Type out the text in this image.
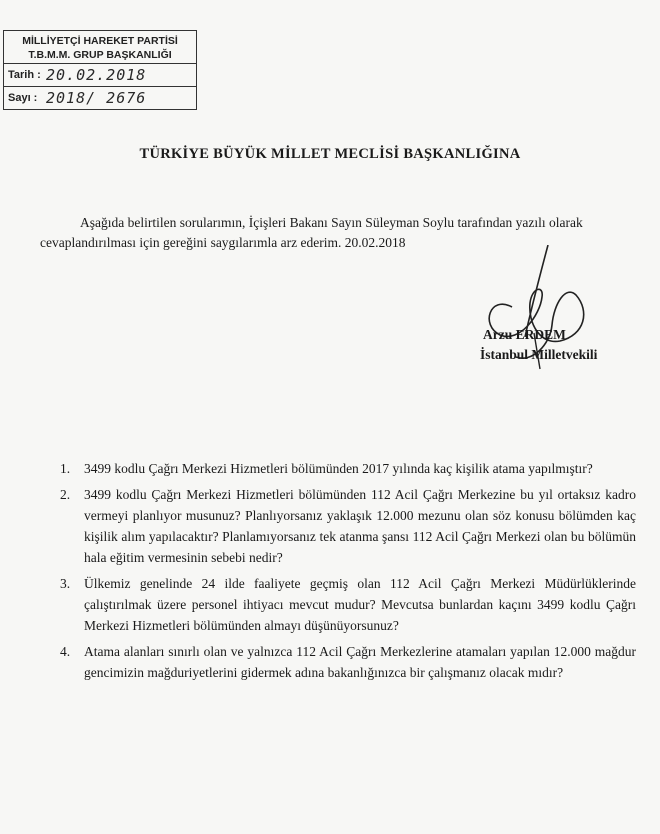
MİLLİYETÇİ HAREKET PARTİSİ
T.B.M.M. GRUP BAŞKANLIĞI
Tarih : 20.02.2018
Sayı : 2018/ 2676
TÜRKİYE BÜYÜK MİLLET MECLİSİ BAŞKANLIĞINA
Aşağıda belirtilen sorularımın, İçişleri Bakanı Sayın Süleyman Soylu tarafından yazılı olarak cevaplandırılması için gereğini saygılarımla arz ederim. 20.02.2018
Arzu ERDEM
İstanbul Milletvekili
1. 3499 kodlu Çağrı Merkezi Hizmetleri bölümünden 2017 yılında kaç kişilik atama yapılmıştır?
2. 3499 kodlu Çağrı Merkezi Hizmetleri bölümünden 112 Acil Çağrı Merkezine bu yıl ortaksız kadro vermeyi planlıyor musunuz? Planlıyorsanız yaklaşık 12.000 mezunu olan söz konusu bölümden kaç kişilik alım yapılacaktır? Planlamıyorsanız tek atanma şansı 112 Acil Çağrı Merkezi olan bu bölümün hala eğitim vermesinin sebebi nedir?
3. Ülkemiz genelinde 24 ilde faaliyete geçmiş olan 112 Acil Çağrı Merkezi Müdürlüklerinde çalıştırılmak üzere personel ihtiyacı mevcut mudur? Mevcutsa bunlardan kaçını 3499 kodlu Çağrı Merkezi Hizmetleri bölümünden almayı düşünüyorsunuz?
4. Atama alanları sınırlı olan ve yalnızca 112 Acil Çağrı Merkezlerine atamaları yapılan 12.000 mağdur gencimizin mağduriyetlerini gidermek adına bakanlığınızca bir çalışmanız olacak mıdır?
